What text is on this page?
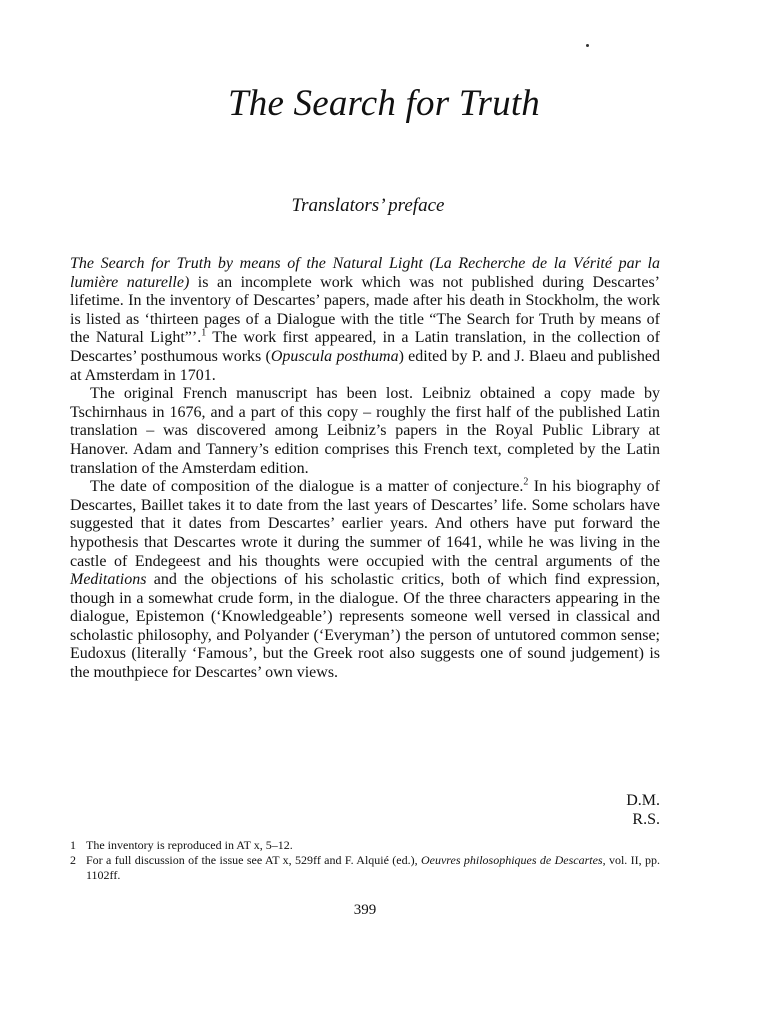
The Search for Truth
Translators’ preface

The Search for Truth by means of the Natural Light (La Recherche de la Vérité par la lumière naturelle) is an incomplete work which was not published during Descartes’ lifetime. In the inventory of Descartes’ papers, made after his death in Stockholm, the work is listed as ‘thirteen pages of a Dialogue with the title “The Search for Truth by means of the Natural Light”’.$^1$ The work first appeared, in a Latin translation, in the collection of Descartes’ posthumous works (Opuscula posthuma) edited by P. and J. Blaeu and published at Amsterdam in 1701.

The original French manuscript has been lost. Leibniz obtained a copy made by Tschirnhaus in 1676, and a part of this copy – roughly the first half of the published Latin translation – was discovered among Leibniz’s papers in the Royal Public Library at Hanover. Adam and Tannery’s edition comprises this French text, completed by the Latin translation of the Amsterdam edition.

The date of composition of the dialogue is a matter of conjecture.$^2$ In his biography of Descartes, Baillet takes it to date from the last years of Descartes’ life. Some scholars have suggested that it dates from Descartes’ earlier years. And others have put forward the hypothesis that Descartes wrote it during the summer of 1641, while he was living in the castle of Endegeest and his thoughts were occupied with the central arguments of the Meditations and the objections of his scholastic critics, both of which find expression, though in a somewhat crude form, in the dialogue. Of the three characters appearing in the dialogue, Epistemon (‘Knowledgeable’) represents someone well versed in classical and scholastic philosophy, and Polyander (‘Everyman’) the person of untutored common sense; Eudoxus (literally ‘Famous’, but the Greek root also suggests one of sound judgement) is the mouthpiece for Descartes’ own views.

D.M.
R.S.
1 The inventory is reproduced in AT x, 5–12.
2 For a full discussion of the issue see AT x, 529ff and F. Alquié (ed.), Oeuvres philosophiques de Descartes, vol. II, pp. 1102ff.
399
